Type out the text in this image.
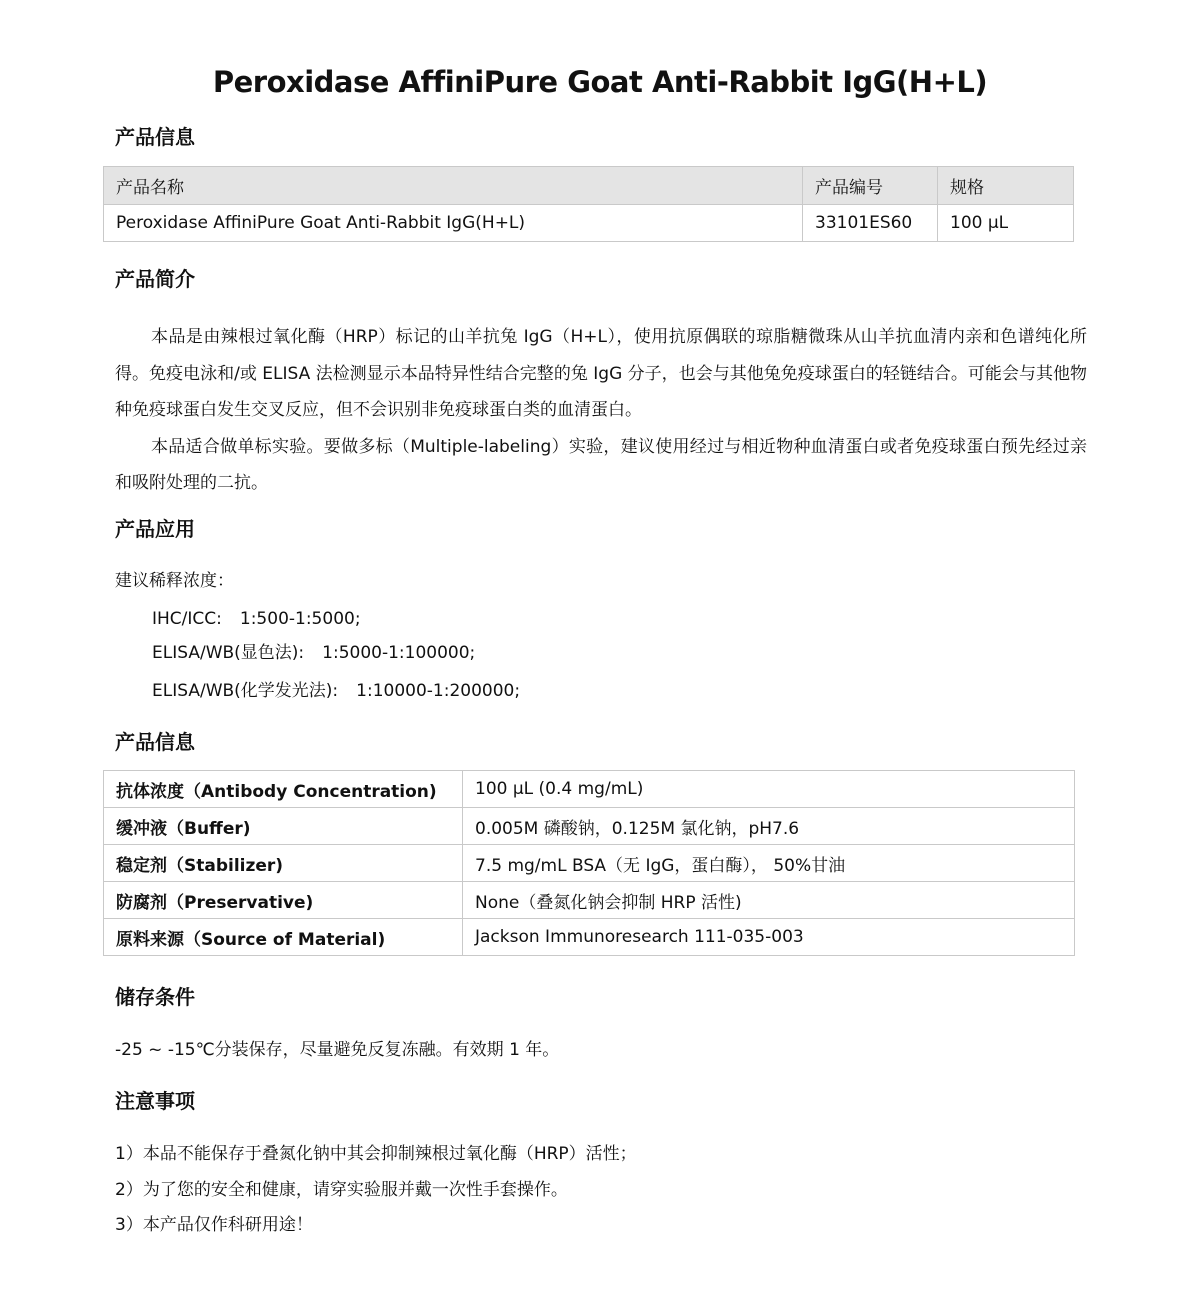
Peroxidase AffiniPure Goat Anti-Rabbit IgG(H+L)
产品信息
产品名称	产品编号	规格
Peroxidase AffiniPure Goat Anti-Rabbit IgG(H+L)	33101ES60	100 μL
产品简介

本品是由辣根过氧化酶（HRP）标记的山羊抗兔 IgG（H+L），使用抗原偶联的琼脂糖微珠从山羊抗血清内亲和色谱纯化所得。免疫电泳和/或 ELISA 法检测显示本品特异性结合完整的兔 IgG 分子，也会与其他兔免疫球蛋白的轻链结合。可能会与其他物种免疫球蛋白发生交叉反应，但不会识别非免疫球蛋白类的血清蛋白。

本品适合做单标实验。要做多标（Multiple-labeling）实验，建议使用经过与相近物种血清蛋白或者免疫球蛋白预先经过亲和吸附处理的二抗。

产品应用
建议稀释浓度：
IHC/ICC: 1:500-1:5000;
ELISA/WB(显色法): 1:5000-1:100000;
ELISA/WB(化学发光法): 1:10000-1:200000;
产品信息
抗体浓度（Antibody Concentration)	100 μL (0.4 mg/mL)
缓冲液（Buffer)	0.005M 磷酸钠，0.125M 氯化钠，pH7.6
稳定剂（Stabilizer)	7.5 mg/mL BSA（无 IgG，蛋白酶）， 50%甘油
防腐剂（Preservative)	None（叠氮化钠会抑制 HRP 活性)
原料来源（Source of Material)	Jackson Immunoresearch 111-035-003
储存条件
-25 ~ -15℃分装保存，尽量避免反复冻融。有效期 1 年。
注意事项
1）本品不能保存于叠氮化钠中其会抑制辣根过氧化酶（HRP）活性；
2）为了您的安全和健康，请穿实验服并戴一次性手套操作。
3）本产品仅作科研用途！
